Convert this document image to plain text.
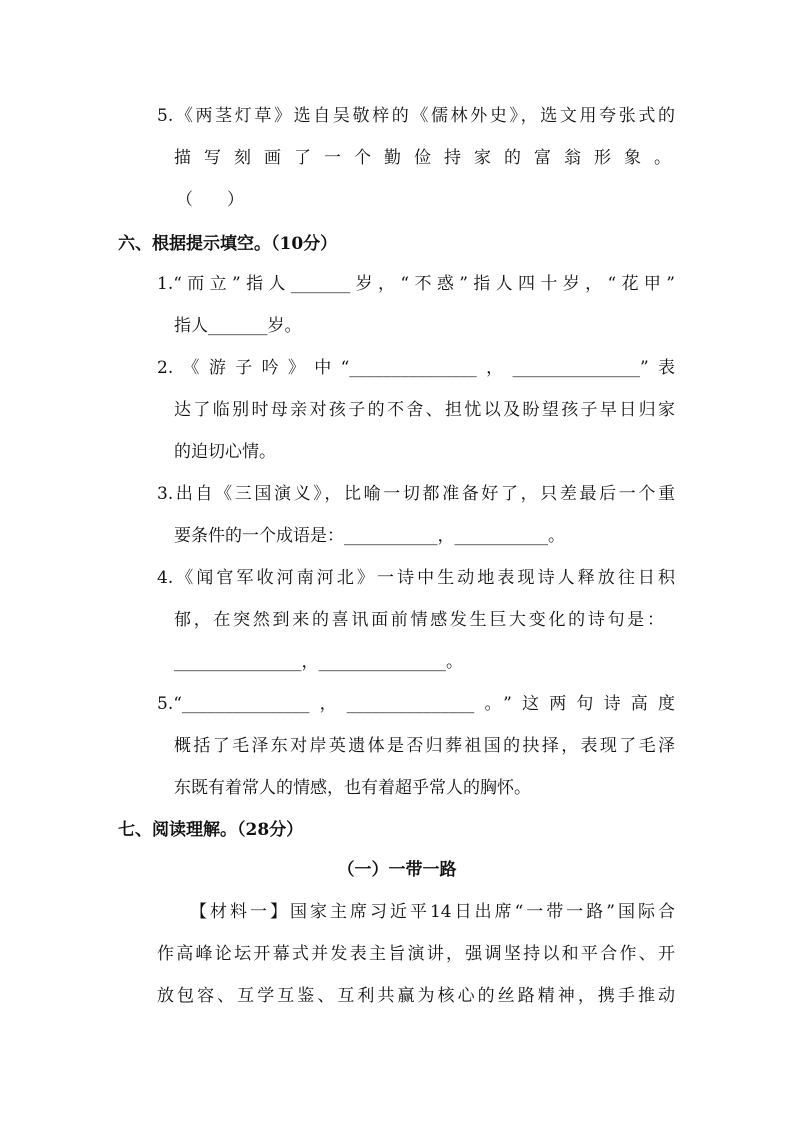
5.《两茎灯草》选自吴敬梓的《儒林外史》，选文用夸张式的
描 写 刻 画 了 一 个 勤 俭 持 家 的 富 翁 形 象 。
（　　）
六、根据提示填空。（10分）
1.“而立”指人_______岁，“不惑”指人四十岁，“花甲”
指人_______岁。
2.《游子吟》中“_______________，_______________”表
达了临别时母亲对孩子的不舍、担忧以及盼望孩子早日归家
的迫切心情。
3.出自《三国演义》，比喻一切都准备好了，只差最后一个重
要条件的一个成语是：___________，___________。
4.《闻官军收河南河北》一诗中生动地表现诗人释放往日积
郁，在突然到来的喜讯面前情感发生巨大变化的诗句是：
_______________，_______________。
5.“_______________，_______________。”这两句诗高度
概括了毛泽东对岸英遗体是否归葬祖国的抉择，表现了毛泽
东既有着常人的情感，也有着超乎常人的胸怀。
七、阅读理解。（28分）
（一）一带一路
【材料一】国家主席习近平14日出席“一带一路”国际合
作高峰论坛开幕式并发表主旨演讲，强调坚持以和平合作、开
放包容、互学互鉴、互利共赢为核心的丝路精神，携手推动
